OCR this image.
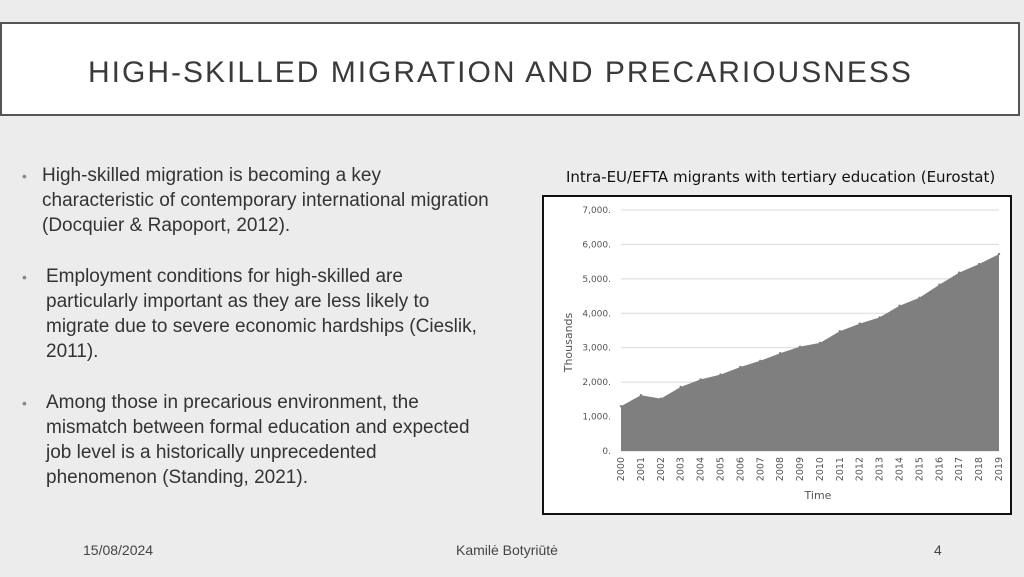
HIGH-SKILLED MIGRATION AND PRECARIOUSNESS
• High-skilled migration is becoming a key characteristic of contemporary international migration (Docquier & Rapoport, 2012).
•	Employment conditions for high-skilled are particularly important as they are less likely to migrate due to severe economic hardships (Cieslik, 2011).
•	Among those in precarious environment, the mismatch between formal education and expected job level is a historically unprecedented phenomenon (Standing, 2021).
Intra-EU/EFTA migrants with tertiary education (Eurostat)
0.
1,000.
2,000.
3,000.
4,000.
5,000.
6,000.
7,000.
2000 2001 2002 2003 2004 2005 2006 2007 2008 2009 2010 2011 2012 2013 2014 2015 2016 2017 2018 2019
Time
Thousands
15/08/2024	Kamilė Botyriūtė	4
